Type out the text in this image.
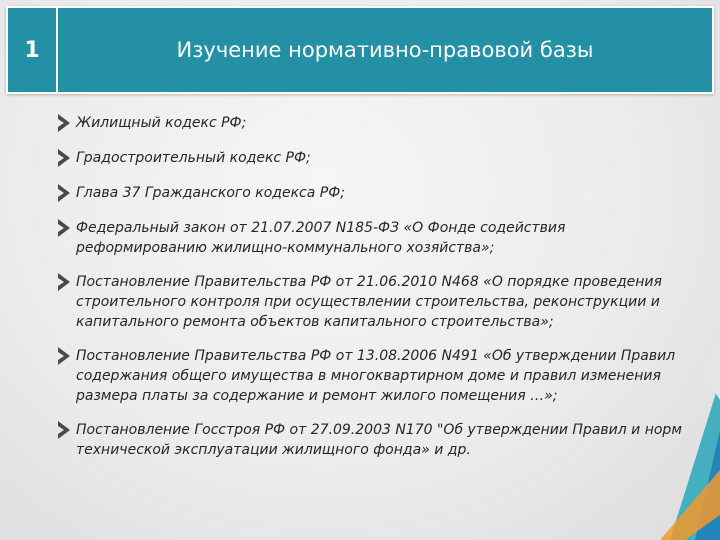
1	Изучение нормативно-правовой базы
Жилищный кодекс РФ;
Градостроительный кодекс РФ;
Глава 37 Гражданского кодекса РФ;
Федеральный закон от 21.07.2007 N185-ФЗ «О Фонде содействия реформированию жилищно-коммунального хозяйства»;
Постановление Правительства РФ от 21.06.2010 N468 «О порядке проведения строительного контроля при осуществлении строительства, реконструкции и капитального ремонта объектов капитального строительства»;
Постановление Правительства РФ от 13.08.2006 N491 «Об утверждении Правил содержания общего имущества в многоквартирном доме и правил изменения размера платы за содержание и ремонт жилого помещения …»;
Постановление Госстроя РФ от 27.09.2003 N170 "Об утверждении Правил и норм технической эксплуатации жилищного фонда» и др.
